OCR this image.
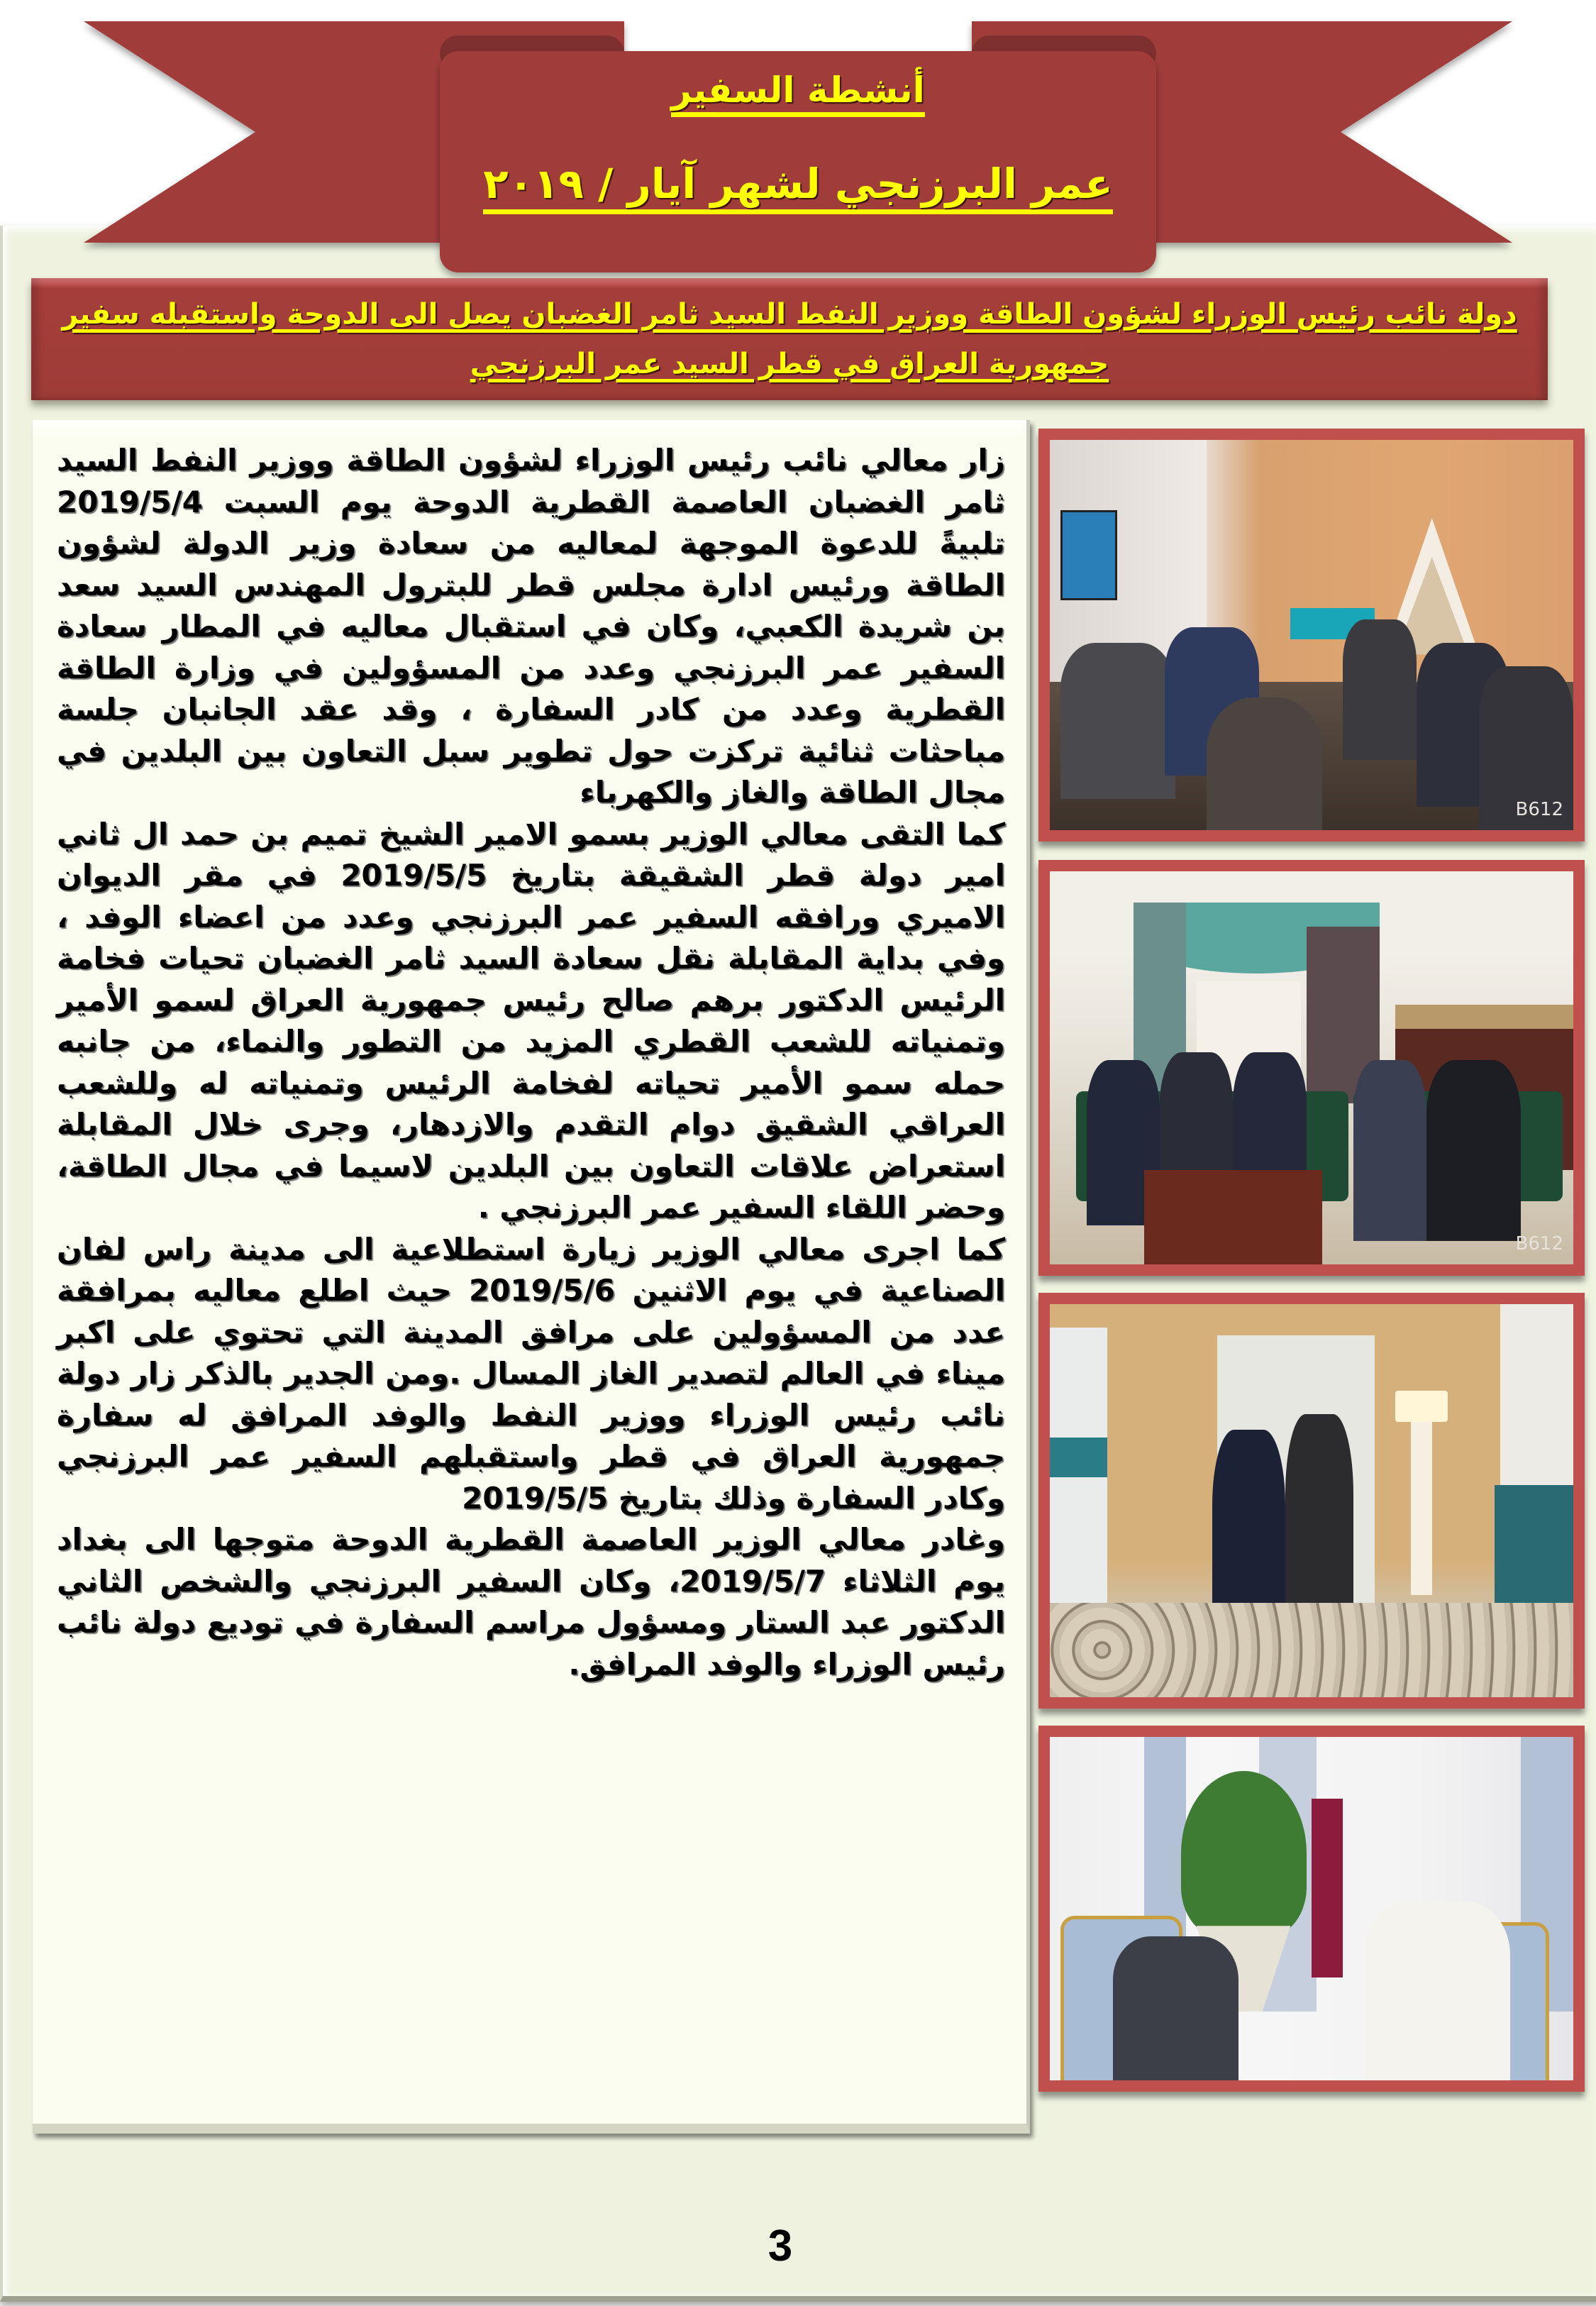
أنشطة السفير
عمر البرزنجي لشهر آيار / ٢٠١٩
دولة نائب رئيس الوزراء لشؤون الطاقة ووزير النفط السيد ثامر الغضبان يصل الى الدوحة واستقبله سفير
جمهورية العراق في قطر السيد عمر البرزنجي

زار معالي نائب رئيس الوزراء لشؤون الطاقة ووزير النفط السيد ثامر الغضبان العاصمة القطرية الدوحة يوم السبت 2019/5/4 تلبيةً للدعوة الموجهة لمعاليه من سعادة وزير الدولة لشؤون الطاقة ورئيس ادارة مجلس قطر للبترول المهندس السيد سعد بن شريدة الكعبي، وكان في استقبال معاليه في المطار سعادة السفير عمر البرزنجي وعدد من المسؤولين في وزارة الطاقة القطرية وعدد من كادر السفارة ، وقد عقد الجانبان جلسة مباحثات ثنائية تركزت حول تطوير سبل التعاون بين البلدين في مجال الطاقة والغاز والكهرباء

كما التقى معالي الوزير بسمو الامير الشيخ تميم بن حمد ال ثاني امير دولة قطر الشقيقة بتاريخ 2019/5/5 في مقر الديوان الاميري ورافقه السفير عمر البرزنجي وعدد من اعضاء الوفد ، وفي بداية المقابلة نقل سعادة السيد ثامر الغضبان تحيات فخامة الرئيس الدكتور برهم صالح رئيس جمهورية العراق لسمو الأمير وتمنياته للشعب القطري المزيد من التطور والنماء، من جانبه حمله سمو الأمير تحياته لفخامة الرئيس وتمنياته له وللشعب العراقي الشقيق دوام التقدم والازدهار، وجرى خلال المقابلة استعراض علاقات التعاون بين البلدين لاسيما في مجال الطاقة، وحضر اللقاء السفير عمر البرزنجي .

كما اجرى معالي الوزير زيارة استطلاعية الى مدينة راس لفان الصناعية في يوم الاثنين 2019/5/6 حيث اطلع معاليه بمرافقة عدد من المسؤولين على مرافق المدينة التي تحتوي على اكبر ميناء في العالم لتصدير الغاز المسال .ومن الجدير بالذكر زار دولة نائب رئيس الوزراء ووزير النفط والوفد المرافق له سفارة جمهورية العراق في قطر واستقبلهم السفير عمر البرزنجي وكادر السفارة وذلك بتاريخ 2019/5/5

وغادر معالي الوزير العاصمة القطرية الدوحة متوجها الى بغداد يوم الثلاثاء 2019/5/7، وكان السفير البرزنجي والشخص الثاني الدكتور عبد الستار ومسؤول مراسم السفارة في توديع دولة نائب رئيس الوزراء والوفد المرافق.

B612
B612
3
